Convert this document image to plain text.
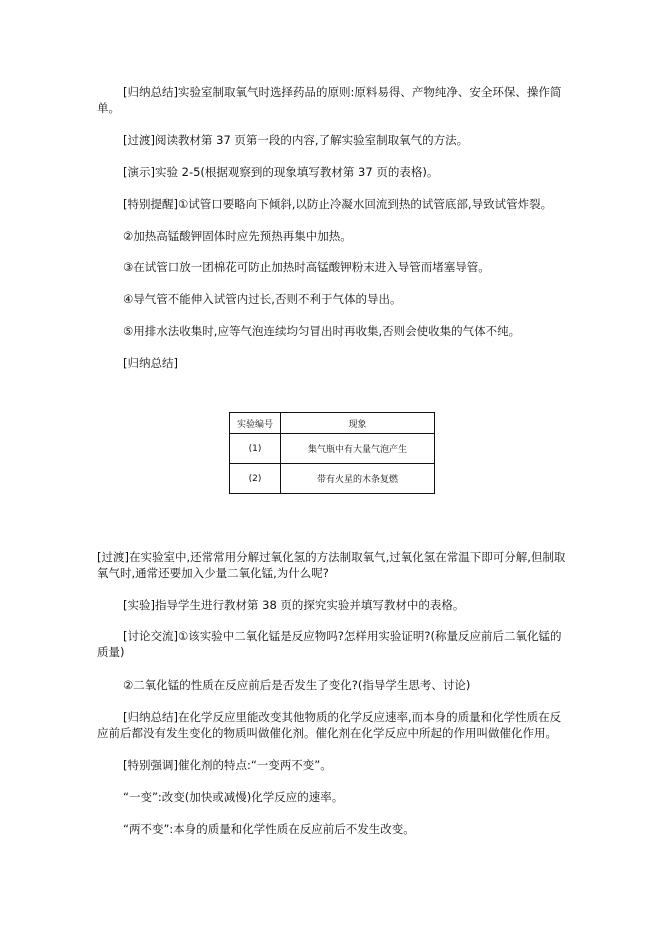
[归纳总结]实验室制取氧气时选择药品的原则:原料易得、产物纯净、安全环保、操作简单。
[过渡]阅读教材第 37 页第一段的内容,了解实验室制取氧气的方法。
[演示]实验 2-5(根据观察到的现象填写教材第 37 页的表格)。
[特别提醒]①试管口要略向下倾斜,以防止冷凝水回流到热的试管底部,导致试管炸裂。
②加热高锰酸钾固体时应先预热再集中加热。
③在试管口放一团棉花可防止加热时高锰酸钾粉末进入导管而堵塞导管。
④导气管不能伸入试管内过长,否则不利于气体的导出。
⑤用排水法收集时,应等气泡连续均匀冒出时再收集,否则会使收集的气体不纯。
[归纳总结]
实验编号	现象
(1)	集气瓶中有大量气泡产生
(2)	带有火星的木条复燃
[过渡]在实验室中,还常常用分解过氧化氢的方法制取氧气,过氧化氢在常温下即可分解,但制取氧气时,通常还要加入少量二氧化锰,为什么呢?
[实验]指导学生进行教材第 38 页的探究实验并填写教材中的表格。
[讨论交流]①该实验中二氧化锰是反应物吗?怎样用实验证明?(称量反应前后二氧化锰的质量)
②二氧化锰的性质在反应前后是否发生了变化?(指导学生思考、讨论)
[归纳总结]在化学反应里能改变其他物质的化学反应速率,而本身的质量和化学性质在反应前后都没有发生变化的物质叫做催化剂。催化剂在化学反应中所起的作用叫做催化作用。
[特别强调]催化剂的特点:“一变两不变”。
“一变”:改变(加快或减慢)化学反应的速率。
“两不变”:本身的质量和化学性质在反应前后不发生改变。
